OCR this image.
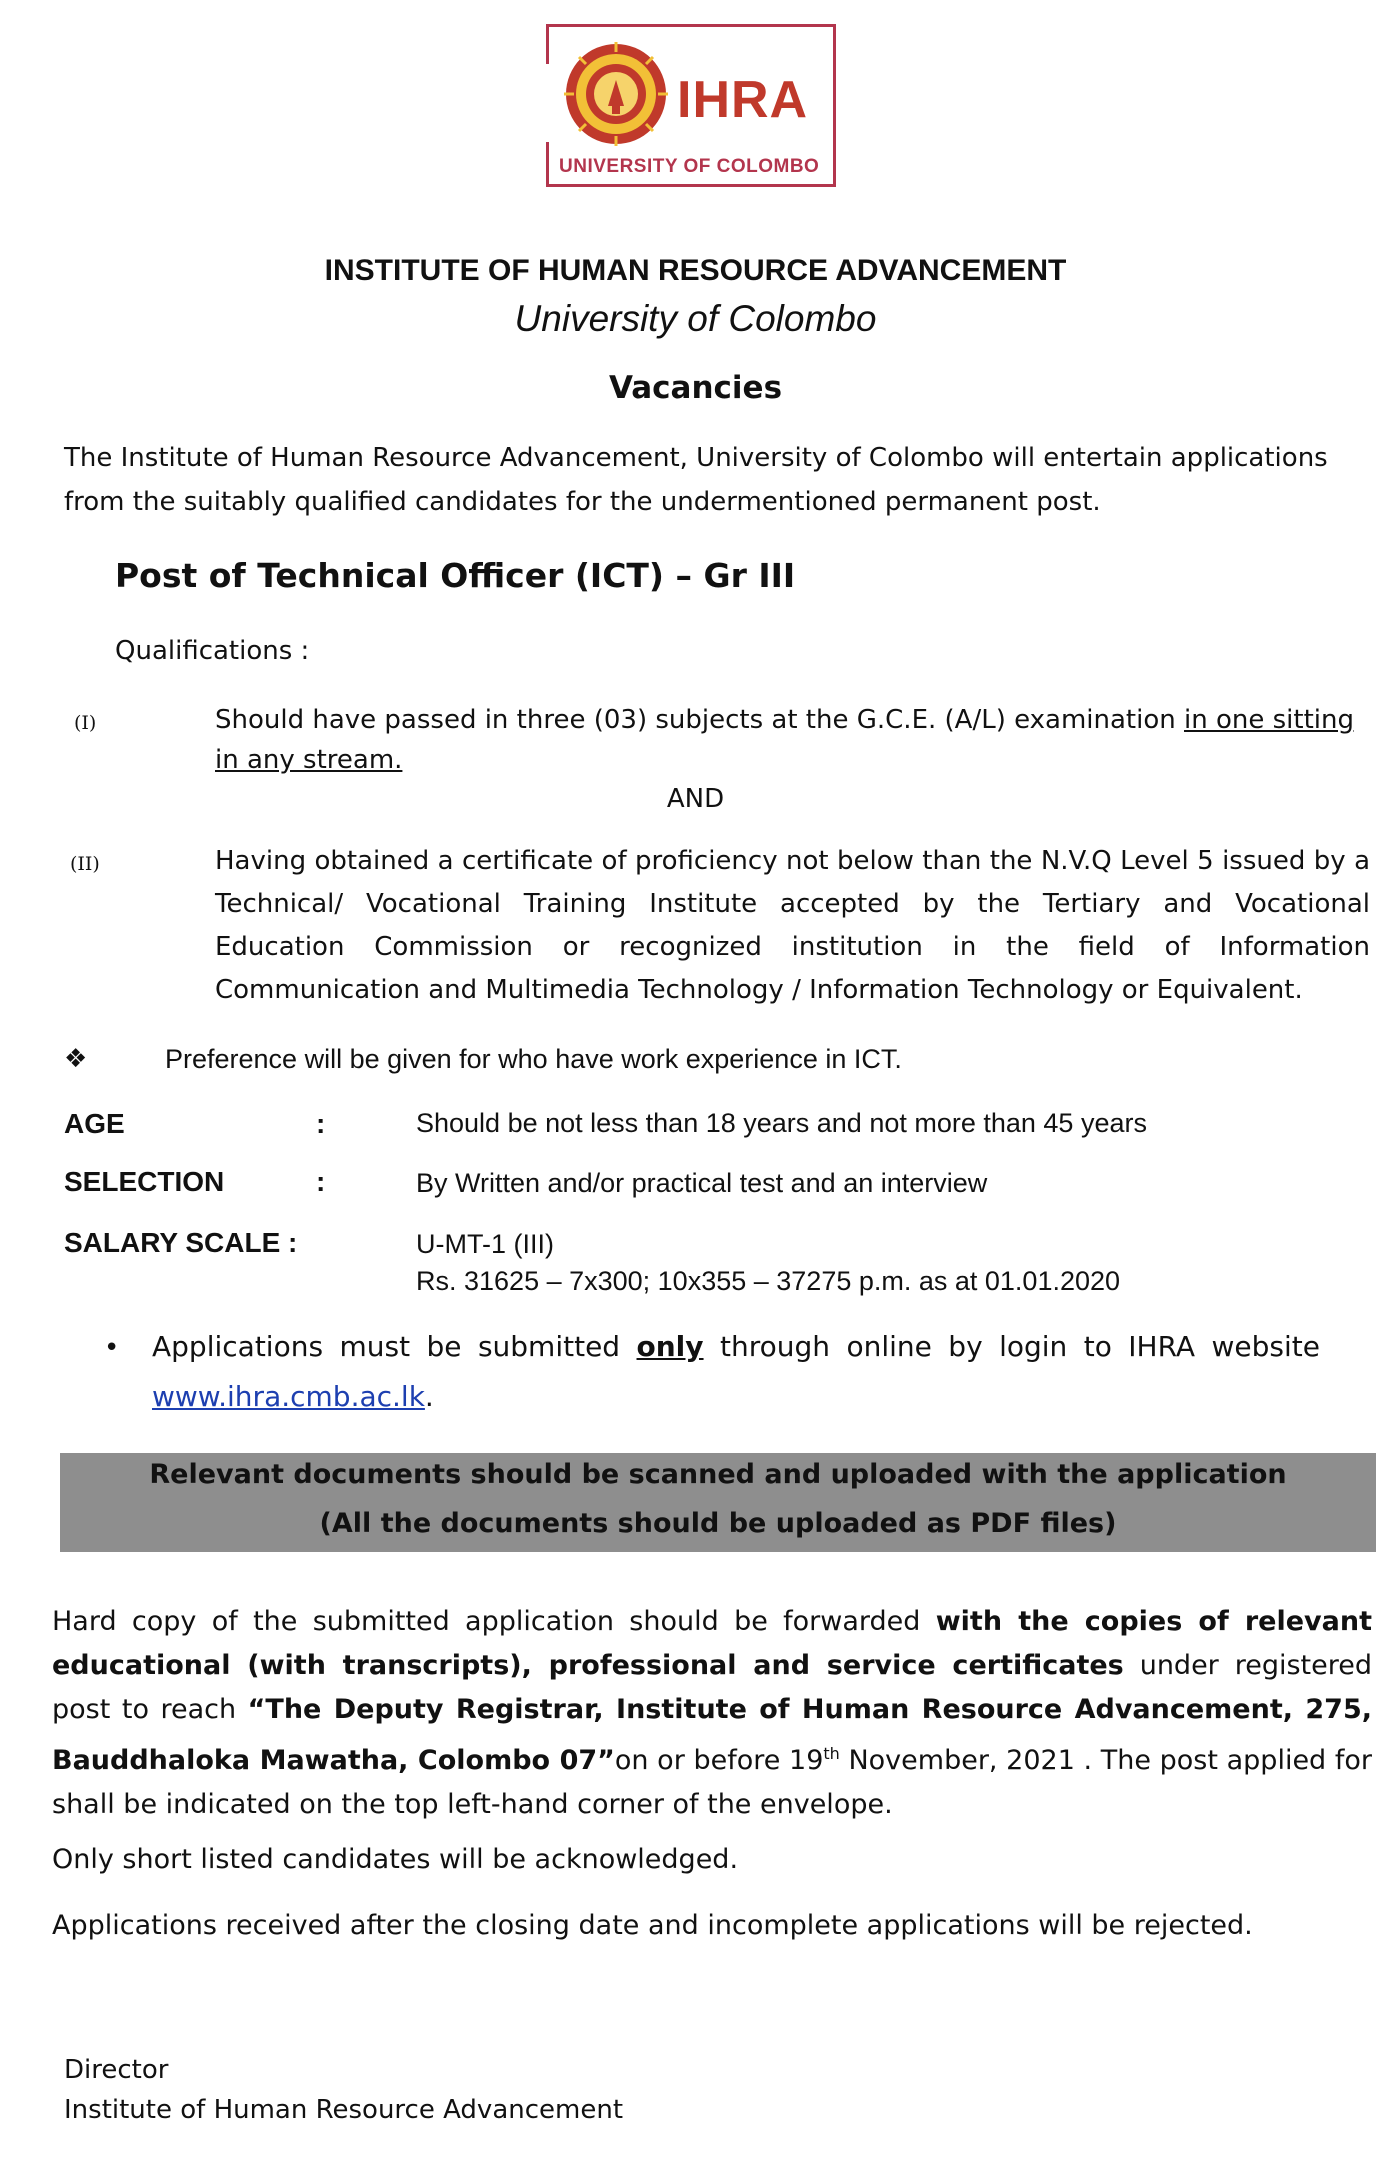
IHRA
UNIVERSITY OF COLOMBO
INSTITUTE OF HUMAN RESOURCE ADVANCEMENT
University of Colombo
Vacancies
The Institute of Human Resource Advancement, University of Colombo will entertain applications from the suitably qualified candidates for the undermentioned permanent post.
Post of Technical Officer (ICT) – Gr III
Qualifications :
(I)	Should have passed in three (03) subjects at the G.C.E. (A/L) examination in one sitting in any stream.
AND
(II)	Having obtained a certificate of proficiency not below than the N.V.Q Level 5 issued by a Technical/ Vocational Training Institute accepted by the Tertiary and Vocational Education Commission or recognized institution in the field of Information Communication and Multimedia Technology / Information Technology or Equivalent.
❖	Preference will be given for who have work experience in ICT.
AGE	:	Should be not less than 18 years and not more than 45 years
SELECTION	:	By Written and/or practical test and an interview
SALARY SCALE :	U-MT-1 (III)
Rs. 31625 – 7x300; 10x355 – 37275 p.m. as at 01.01.2020
• Applications must be submitted only through online by login to IHRA website
www.ihra.cmb.ac.lk.
Relevant documents should be scanned and uploaded with the application
(All the documents should be uploaded as PDF files)
Hard copy of the submitted application should be forwarded with the copies of relevant educational (with transcripts), professional and service certificates under registered post to reach “The Deputy Registrar, Institute of Human Resource Advancement, 275, Bauddhaloka Mawatha, Colombo 07”on or before 19th November, 2021 . The post applied for shall be indicated on the top left-hand corner of the envelope.
Only short listed candidates will be acknowledged.
Applications received after the closing date and incomplete applications will be rejected.
Director
Institute of Human Resource Advancement
